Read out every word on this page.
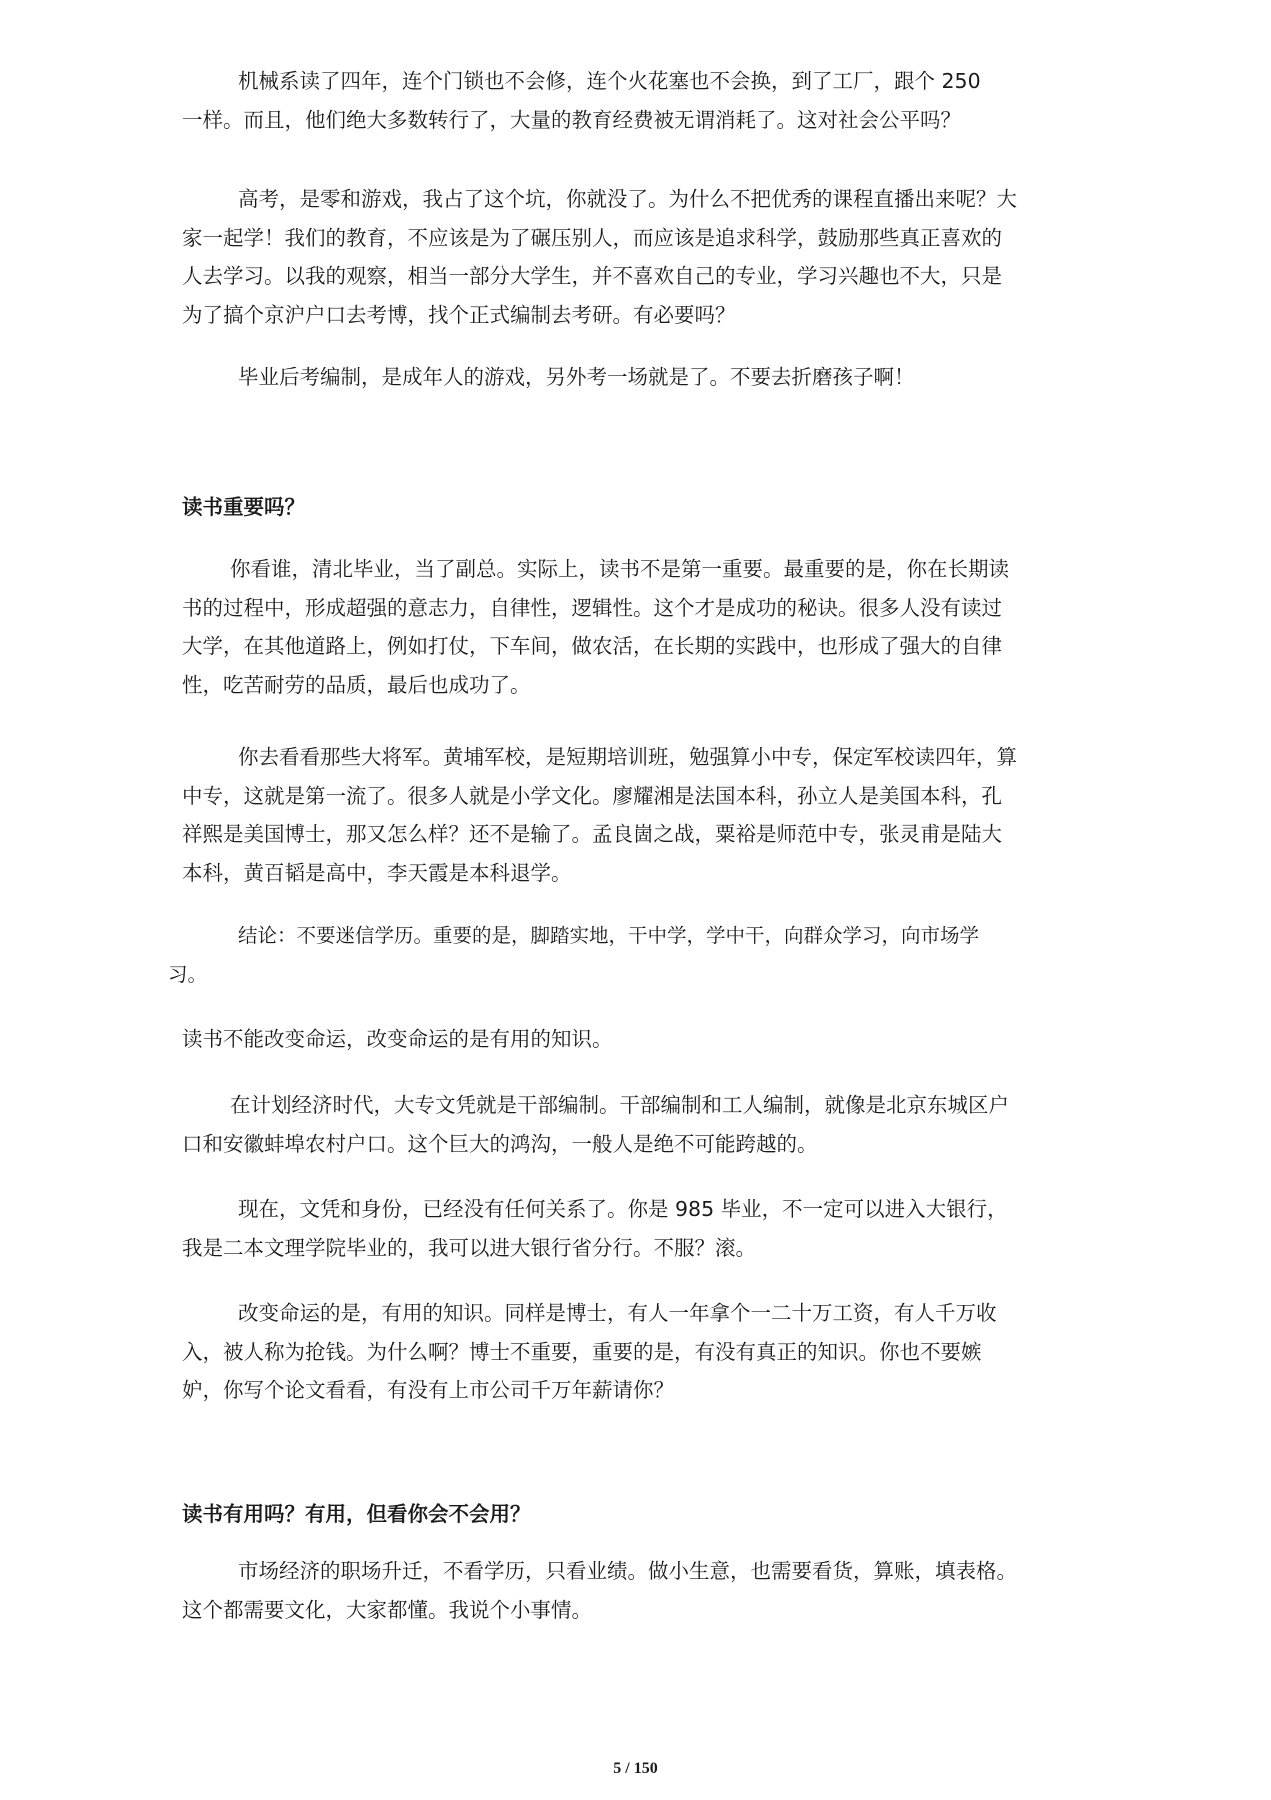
机械系读了四年，连个门锁也不会修，连个火花塞也不会换，到了工厂，跟个 250
一样。而且，他们绝大多数转行了，大量的教育经费被无谓消耗了。这对社会公平吗？
高考，是零和游戏，我占了这个坑，你就没了。为什么不把优秀的课程直播出来呢？大
家一起学！我们的教育，不应该是为了碾压别人，而应该是追求科学，鼓励那些真正喜欢的
人去学习。以我的观察，相当一部分大学生，并不喜欢自己的专业，学习兴趣也不大，只是
为了搞个京沪户口去考博，找个正式编制去考研。有必要吗？
毕业后考编制，是成年人的游戏，另外考一场就是了。不要去折磨孩子啊！
读书重要吗？
你看谁，清北毕业，当了副总。实际上，读书不是第一重要。最重要的是，你在长期读
书的过程中，形成超强的意志力，自律性，逻辑性。这个才是成功的秘诀。很多人没有读过
大学，在其他道路上，例如打仗，下车间，做农活，在长期的实践中，也形成了强大的自律
性，吃苦耐劳的品质，最后也成功了。
你去看看那些大将军。黄埔军校，是短期培训班，勉强算小中专，保定军校读四年，算
中专，这就是第一流了。很多人就是小学文化。廖耀湘是法国本科，孙立人是美国本科，孔
祥熙是美国博士，那又怎么样？还不是输了。孟良崮之战，粟裕是师范中专，张灵甫是陆大
本科，黄百韬是高中，李天霞是本科退学。
结论：不要迷信学历。重要的是，脚踏实地，干中学，学中干，向群众学习，向市场学
习。
读书不能改变命运，改变命运的是有用的知识。
在计划经济时代，大专文凭就是干部编制。干部编制和工人编制，就像是北京东城区户
口和安徽蚌埠农村户口。这个巨大的鸿沟，一般人是绝不可能跨越的。
现在，文凭和身份，已经没有任何关系了。你是 985 毕业，不一定可以进入大银行，
我是二本文理学院毕业的，我可以进大银行省分行。不服？滚。
改变命运的是，有用的知识。同样是博士，有人一年拿个一二十万工资，有人千万收
入，被人称为抢钱。为什么啊？博士不重要，重要的是，有没有真正的知识。你也不要嫉
妒，你写个论文看看，有没有上市公司千万年薪请你？
读书有用吗？有用，但看你会不会用？
市场经济的职场升迁，不看学历，只看业绩。做小生意，也需要看货，算账，填表格。
这个都需要文化，大家都懂。我说个小事情。
5 / 150
